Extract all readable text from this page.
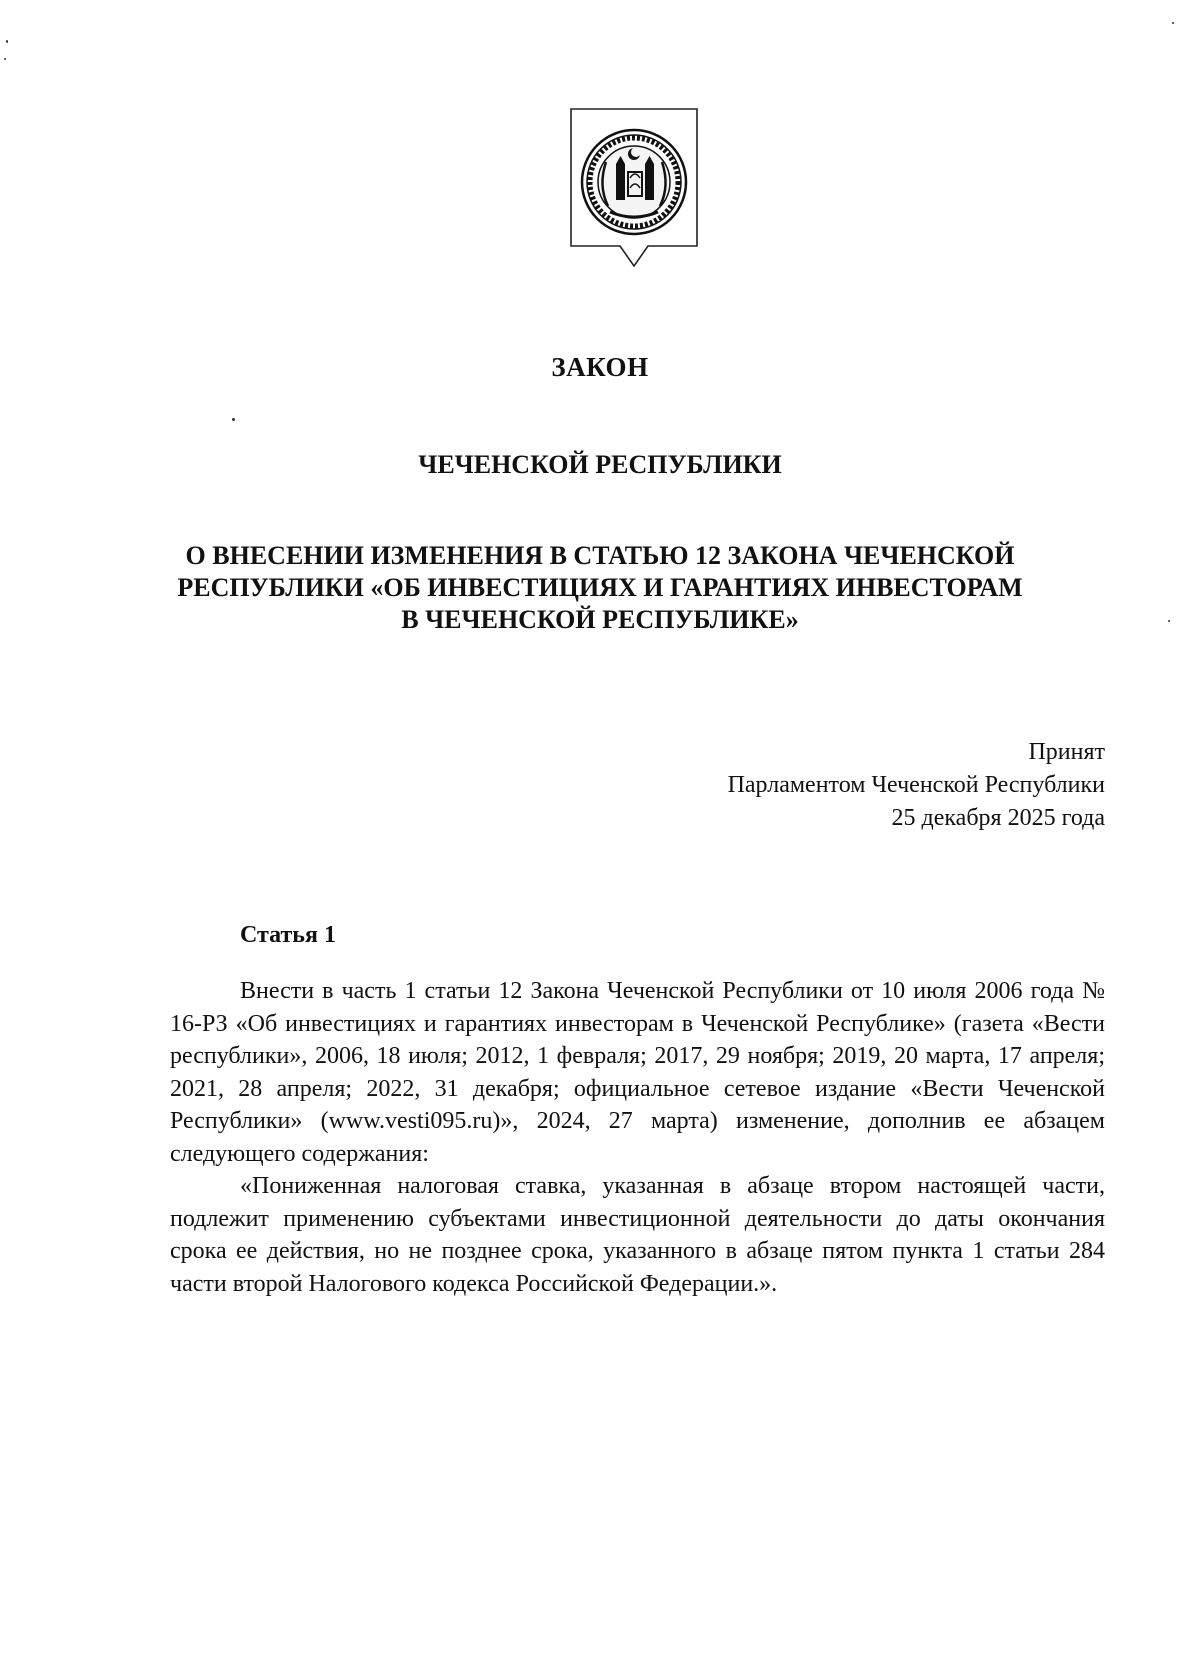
ЗАКОН
ЧЕЧЕНСКОЙ РЕСПУБЛИКИ
О ВНЕСЕНИИ ИЗМЕНЕНИЯ В СТАТЬЮ 12 ЗАКОНА ЧЕЧЕНСКОЙ
РЕСПУБЛИКИ «ОБ ИНВЕСТИЦИЯХ И ГАРАНТИЯХ ИНВЕСТОРАМ
В ЧЕЧЕНСКОЙ РЕСПУБЛИКЕ»
Принят
Парламентом Чеченской Республики
25 декабря 2025 года
Статья 1

Внести в часть 1 статьи 12 Закона Чеченской Республики от 10 июля 2006 года № 16-РЗ «Об инвестициях и гарантиях инвесторам в Чеченской Республике» (газета «Вести республики», 2006, 18 июля; 2012, 1 февраля; 2017, 29 ноября; 2019, 20 марта, 17 апреля; 2021, 28 апреля; 2022, 31 декабря; официальное сетевое издание «Вести Чеченской Республики» (www.vesti095.ru)», 2024, 27 марта) изменение, дополнив ее абзацем следующего содержания:

«Пониженная налоговая ставка, указанная в абзаце втором настоящей части, подлежит применению субъектами инвестиционной деятельности до даты окончания срока ее действия, но не позднее срока, указанного в абзаце пятом пункта 1 статьи 284 части второй Налогового кодекса Российской Федерации.».
